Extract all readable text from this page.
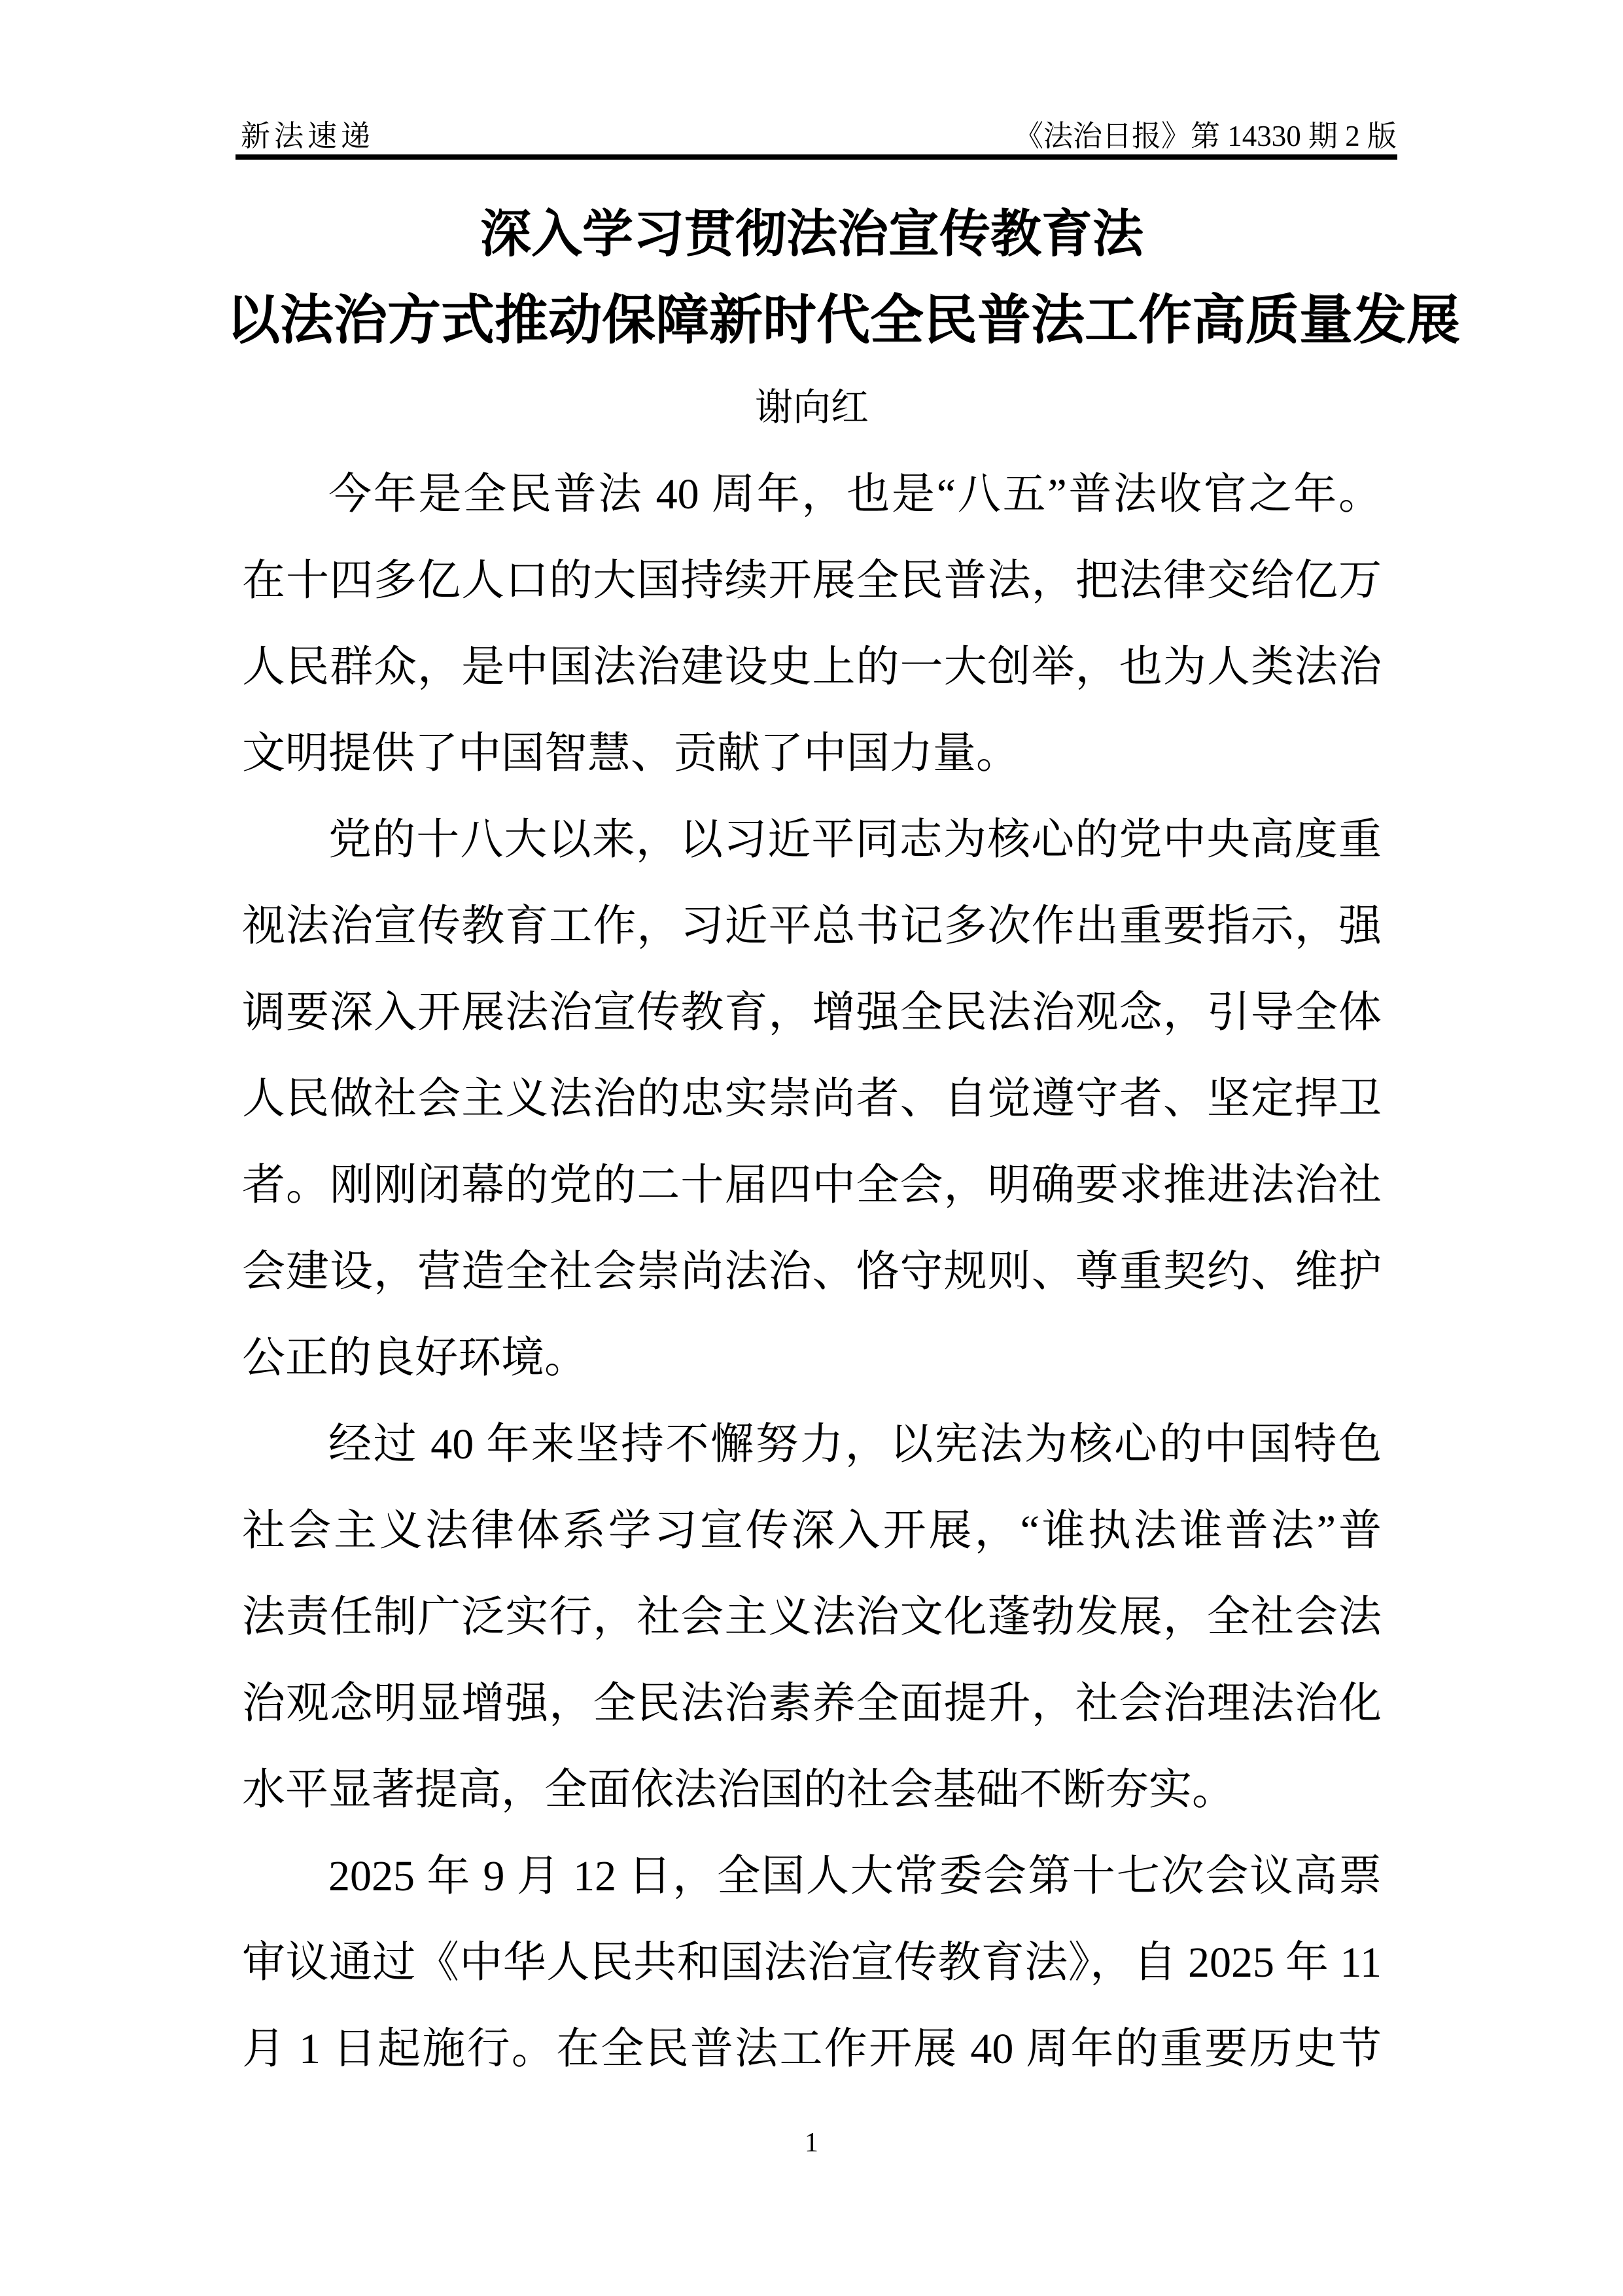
新法速递	《法治日报》第 14330 期 2 版
深入学习贯彻法治宣传教育法
以法治方式推动保障新时代全民普法工作高质量发展
谢向红
今年是全民普法 40 周年，也是“八五”普法收官之年。
在十四多亿人口的大国持续开展全民普法，把法律交给亿万
人民群众，是中国法治建设史上的一大创举，也为人类法治
文明提供了中国智慧、贡献了中国力量。
党的十八大以来，以习近平同志为核心的党中央高度重
视法治宣传教育工作，习近平总书记多次作出重要指示，强
调要深入开展法治宣传教育，增强全民法治观念，引导全体
人民做社会主义法治的忠实崇尚者、自觉遵守者、坚定捍卫
者。刚刚闭幕的党的二十届四中全会，明确要求推进法治社
会建设，营造全社会崇尚法治、恪守规则、尊重契约、维护
公正的良好环境。
经过 40 年来坚持不懈努力，以宪法为核心的中国特色
社会主义法律体系学习宣传深入开展，“谁执法谁普法”普
法责任制广泛实行，社会主义法治文化蓬勃发展，全社会法
治观念明显增强，全民法治素养全面提升，社会治理法治化
水平显著提高，全面依法治国的社会基础不断夯实。
2025 年 9 月 12 日，全国人大常委会第十七次会议高票
审议通过《中华人民共和国法治宣传教育法》，自 2025 年 11
月 1 日起施行。在全民普法工作开展 40 周年的重要历史节
1
